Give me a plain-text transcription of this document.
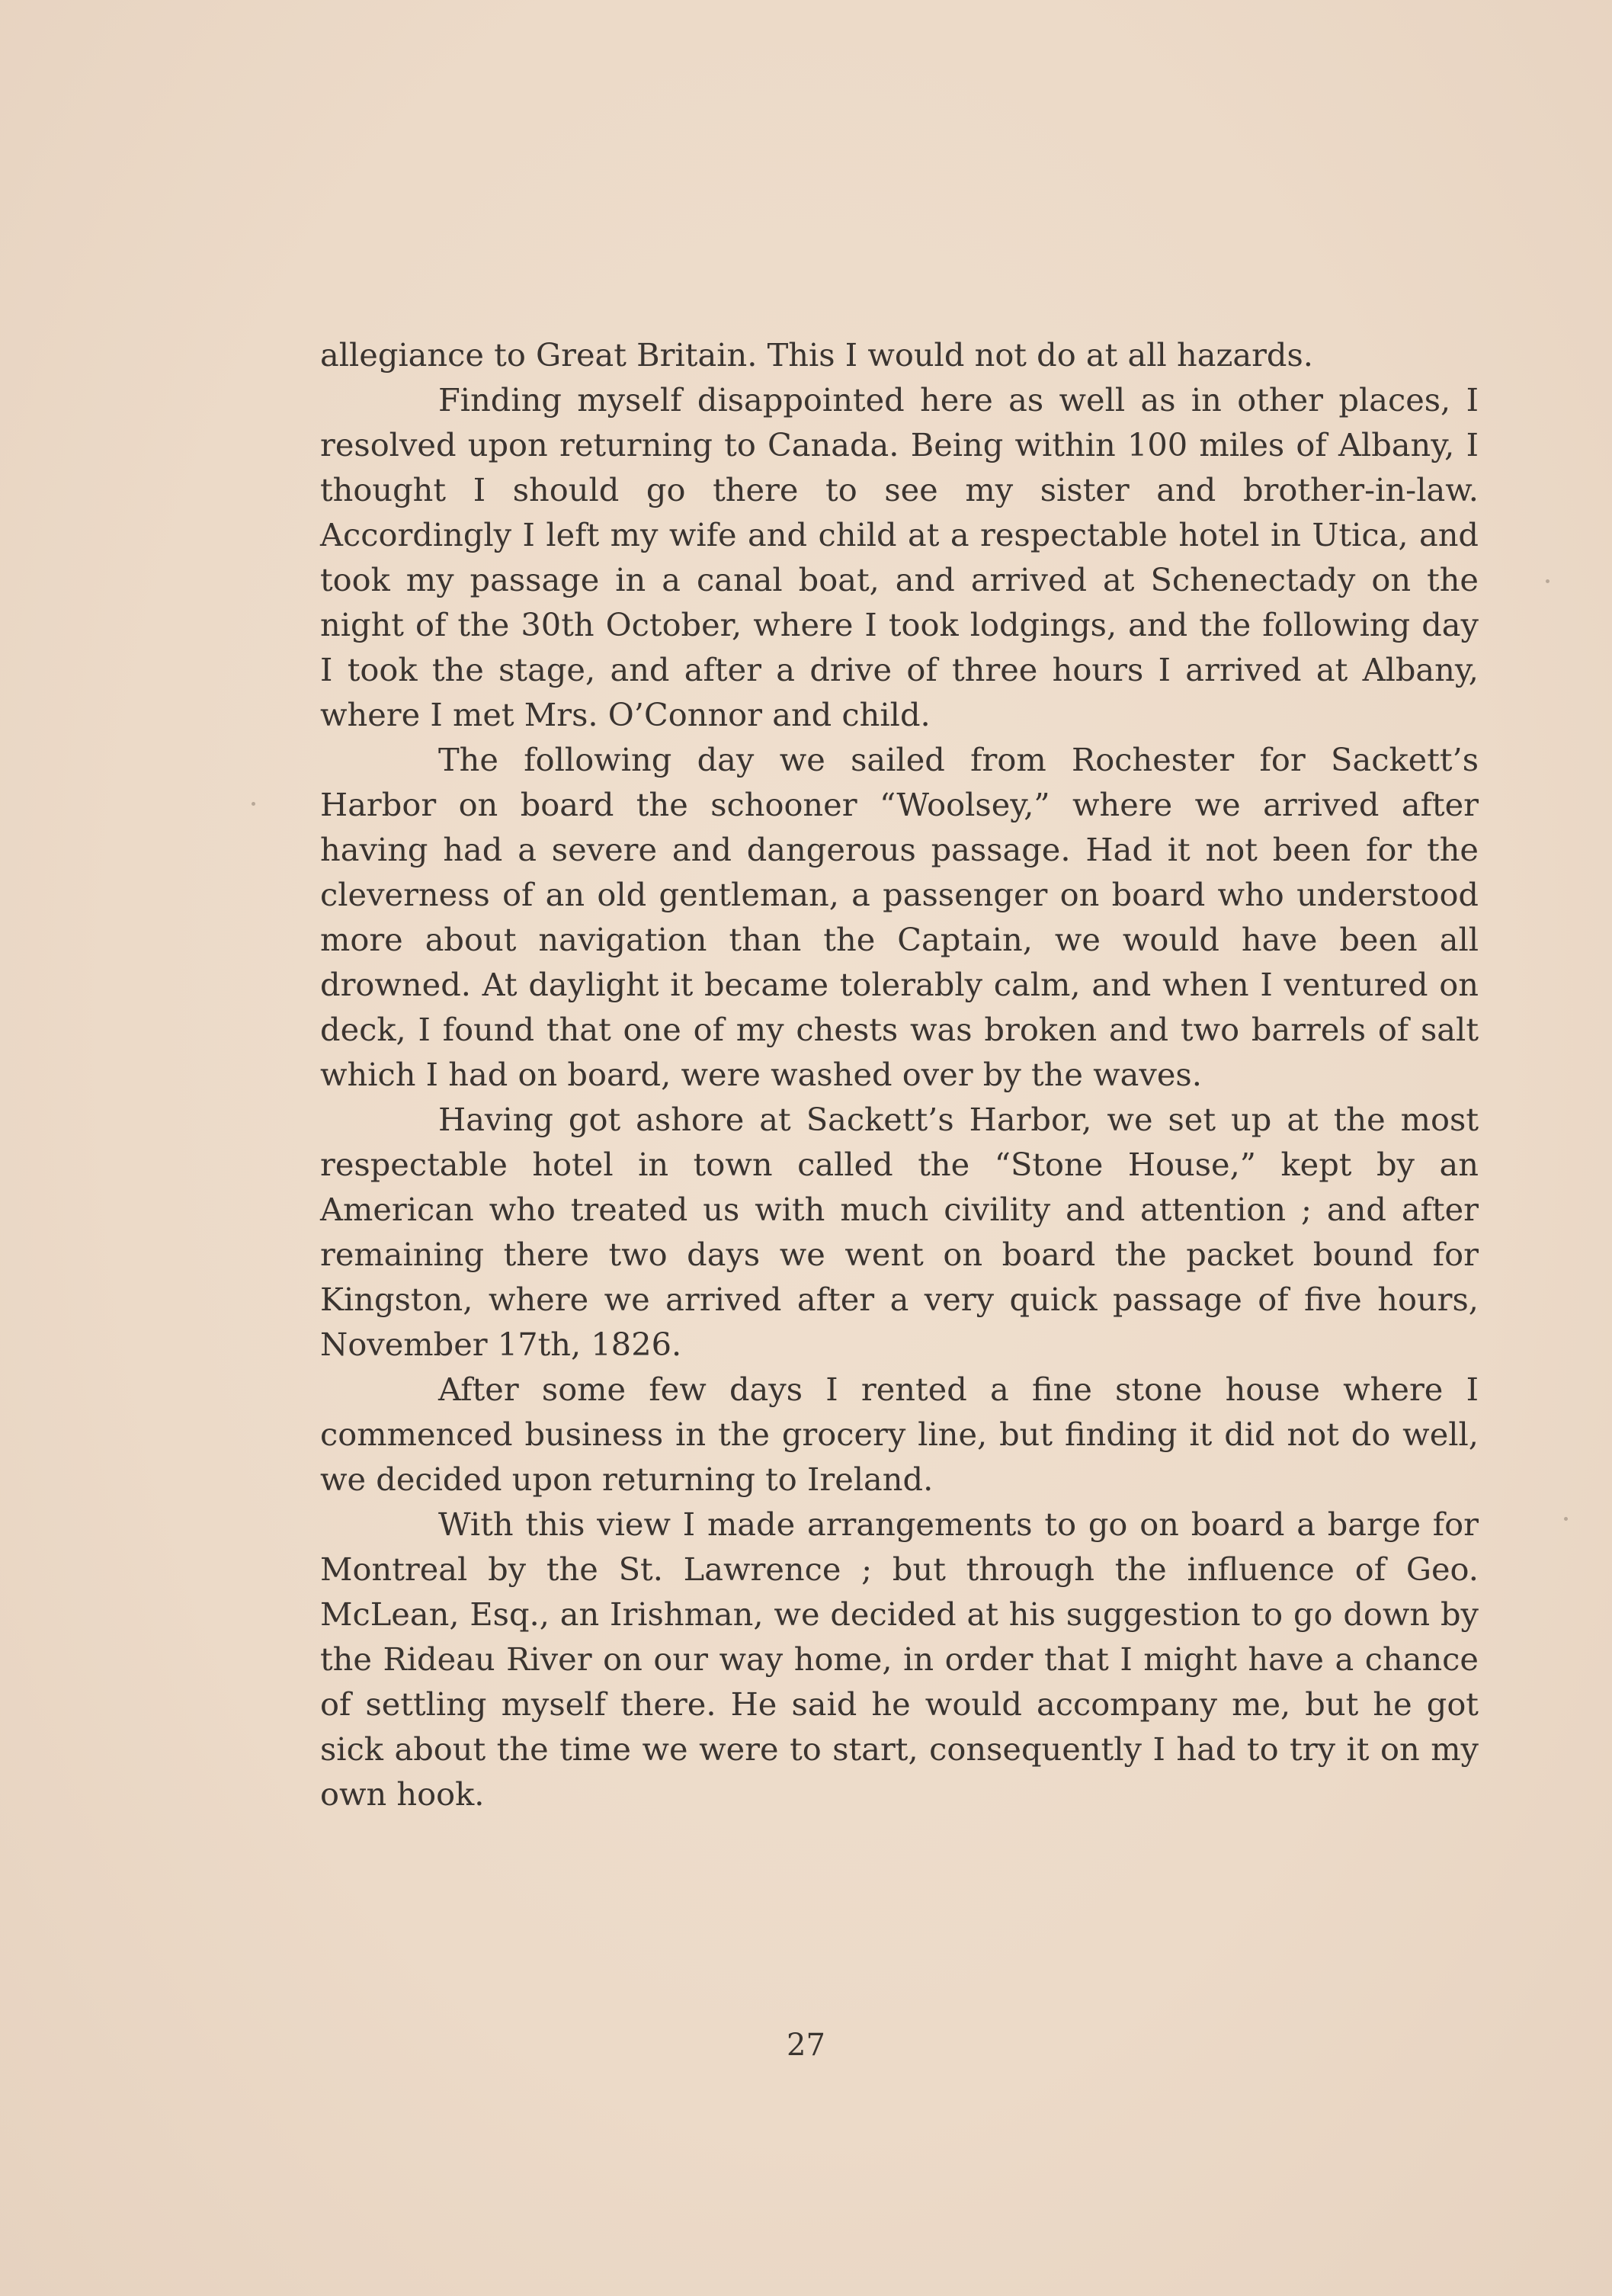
allegiance to Great Britain. This I would not do at all hazards.

Finding myself disappointed here as well as in other places, I resolved upon returning to Canada. Being within 100 miles of Albany, I thought I should go there to see my sister and brother-in-law. Accordingly I left my wife and child at a respectable hotel in Utica, and took my passage in a canal boat, and arrived at Schenectady on the night of the 30th October, where I took lodgings, and the following day I took the stage, and after a drive of three hours I arrived at Albany, where I met Mrs. O’Connor and child.

The following day we sailed from Rochester for Sackett’s Harbor on board the schooner “Woolsey,” where we arrived after having had a severe and dangerous passage. Had it not been for the cleverness of an old gentleman, a passenger on board who understood more about navigation than the Captain, we would have been all drowned. At daylight it became tolerably calm, and when I ventured on deck, I found that one of my chests was broken and two barrels of salt which I had on board, were washed over by the waves.

Having got ashore at Sackett’s Harbor, we set up at the most respectable hotel in town called the “Stone House,” kept by an American who treated us with much civility and attention ; and after remaining there two days we went on board the packet bound for Kingston, where we arrived after a very quick passage of five hours, November 17th, 1826.

After some few days I rented a fine stone house where I commenced business in the grocery line, but finding it did not do well, we decided upon returning to Ireland.

With this view I made arrangements to go on board a barge for Montreal by the St. Lawrence ; but through the influence of Geo. McLean, Esq., an Irishman, we decided at his suggestion to go down by the Rideau River on our way home, in order that I might have a chance of settling myself there. He said he would accompany me, but he got sick about the time we were to start, consequently I had to try it on my own hook.

27
